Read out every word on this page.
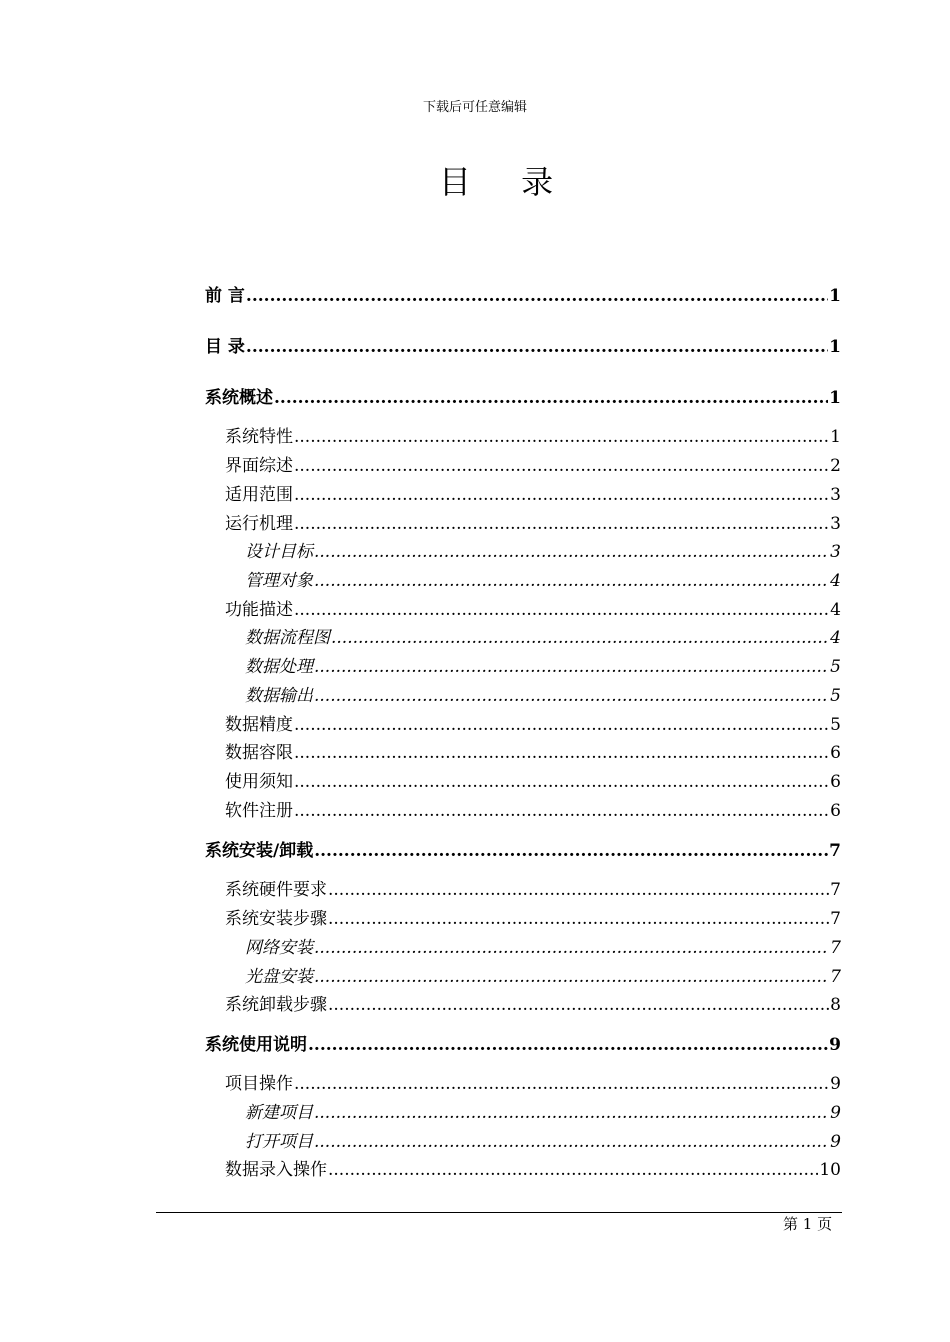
下载后可任意编辑
目 录
前 言 .....	1
目 录 .....	1
系统概述 .....	1
系统特性 .....	1
界面综述 .....	2
适用范围 .....	3
运行机理 .....	3
设计目标 .....	3
管理对象 .....	4
功能描述 .....	4
数据流程图 .....	4
数据处理 .....	5
数据输出 .....	5
数据精度 .....	5
数据容限 .....	6
使用须知 .....	6
软件注册 .....	6
系统安装/卸载 .....	7
系统硬件要求 .....	7
系统安装步骤 .....	7
网络安装 .....	7
光盘安装 .....	7
系统卸载步骤 .....	8
系统使用说明 .....	9
项目操作 .....	9
新建项目 .....	9
打开项目 .....	9
数据录入操作 .....	10
第 1 页
